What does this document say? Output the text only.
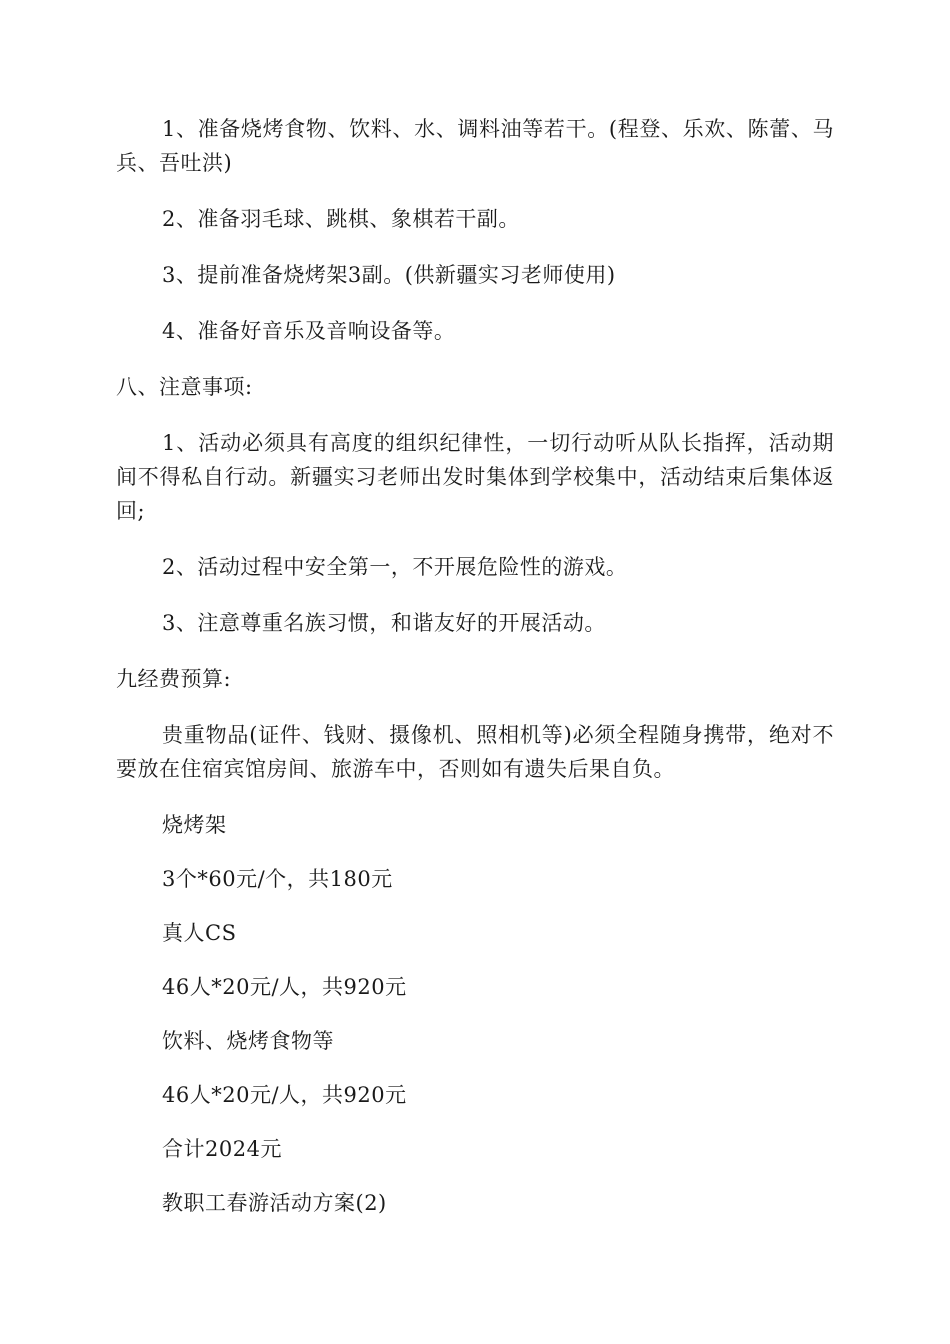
1、准备烧烤食物、饮料、水、调料油等若干。(程登、乐欢、陈蕾、马兵、吾吐洪)

2、准备羽毛球、跳棋、象棋若干副。

3、提前准备烧烤架3副。(供新疆实习老师使用)

4、准备好音乐及音响设备等。

八、注意事项:

1、活动必须具有高度的组织纪律性，一切行动听从队长指挥，活动期间不得私自行动。新疆实习老师出发时集体到学校集中，活动结束后集体返回;

2、活动过程中安全第一，不开展危险性的游戏。

3、注意尊重名族习惯，和谐友好的开展活动。

九经费预算:

贵重物品(证件、钱财、摄像机、照相机等)必须全程随身携带，绝对不要放在住宿宾馆房间、旅游车中，否则如有遗失后果自负。

烧烤架

3个*60元/个，共180元

真人CS

46人*20元/人，共920元

饮料、烧烤食物等

46人*20元/人，共920元

合计2024元

教职工春游活动方案(2)
